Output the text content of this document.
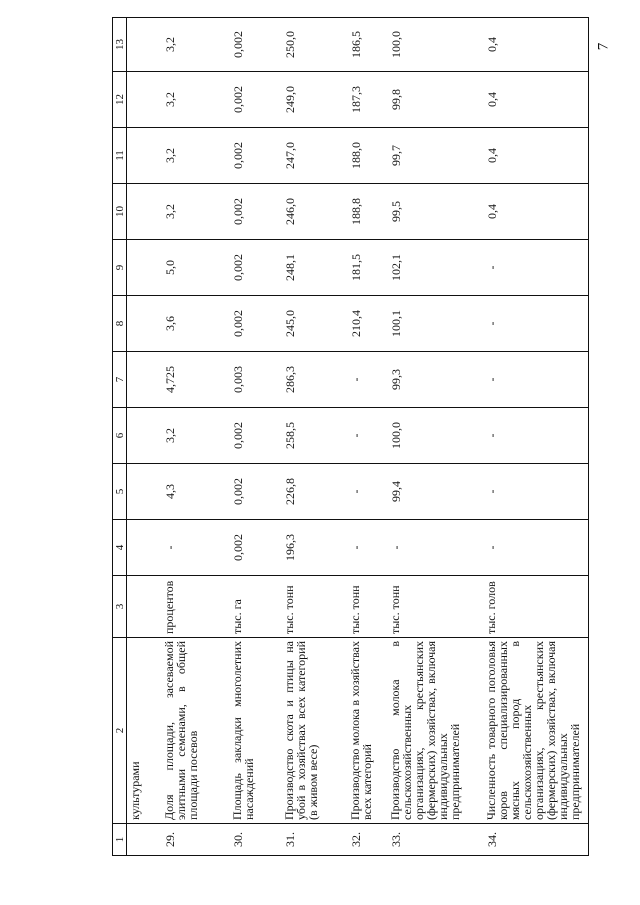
7
1	2	3	4	5	6	7	8	9	10	11	12	13
	культурами											
29.	Доля площади, засеваемой элитными семенами, в общей площади посевов	процентов	-	4,3	3,2	4,725	3,6	5,0	3,2	3,2	3,2	3,2
30.	Площадь закладки многолетних насаждений	тыс. га	0,002	0,002	0,002	0,003	0,002	0,002	0,002	0,002	0,002	0,002
31.	Производство скота и птицы на убой в хозяйствах всех категорий (в живом весе)	тыс. тонн	196,3	226,8	258,5	286,3	245,0	248,1	246,0	247,0	249,0	250,0
32.	Производство молока в хозяйствах всех категорий	тыс. тонн	-	-	-	-	210,4	181,5	188,8	188,0	187,3	186,5
33.	Производство молока в сельскохозяйственных организациях, крестьянских (фермерских) хозяйствах, включая индивидуальных предпринимателей	тыс. тонн	-	99,4	100,0	99,3	100,1	102,1	99,5	99,7	99,8	100,0
34.	Численность товарного поголовья коров специализированных мясных пород в сельскохозяйственных организациях, крестьянских (фермерских) хозяйствах, включая индивидуальных предпринимателей	тыс. голов	-	-	-	-	-	-	0,4	0,4	0,4	0,4
